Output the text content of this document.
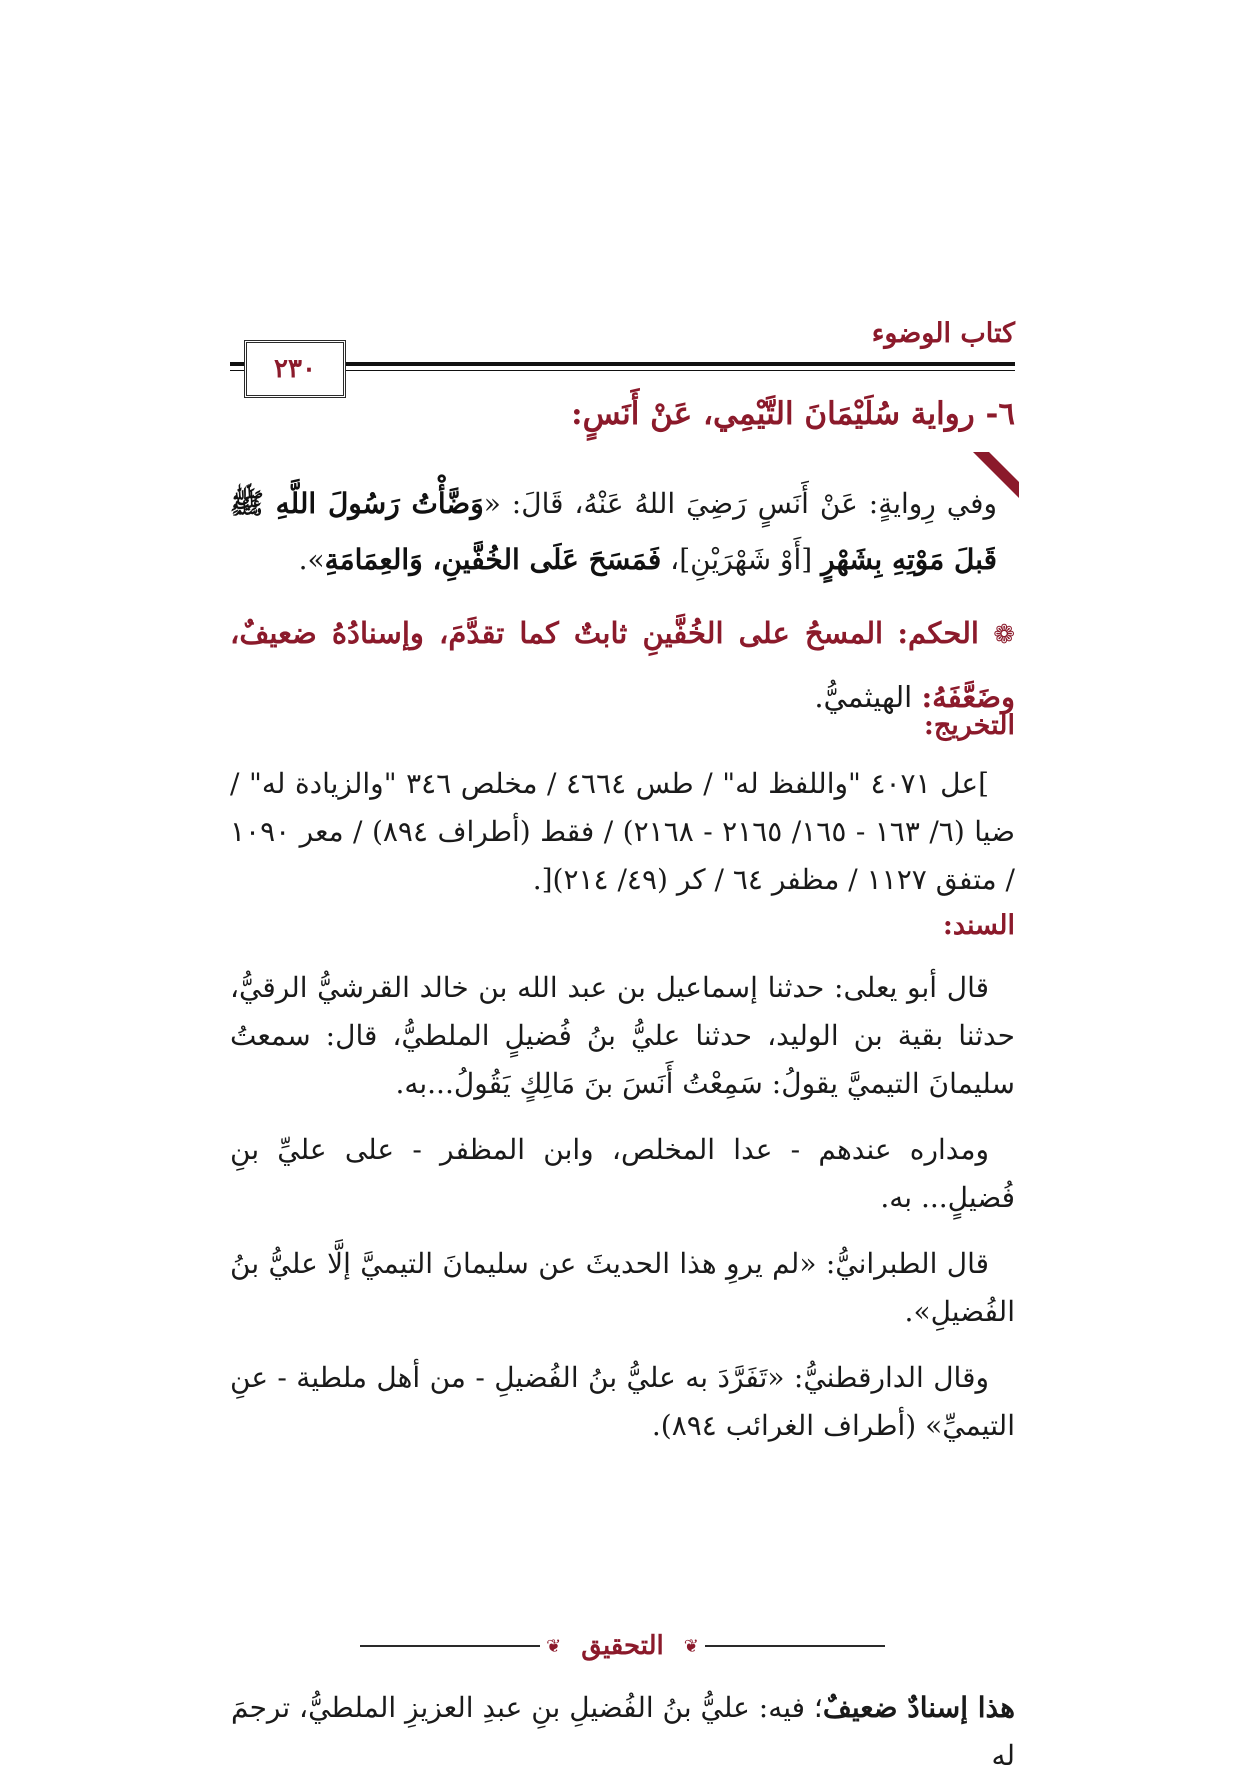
كتاب الوضوء
٢٣٠
٦- رواية سُلَيْمَانَ التَّيْمِي، عَنْ أَنَسٍ:
وفي رِوايةٍ: عَنْ أَنَسٍ رَضِيَ اللهُ عَنْهُ، قَالَ: «وَضَّأْتُ رَسُولَ اللَّهِ ﷺ قَبلَ مَوْتِهِ بِشَهْرٍ [أَوْ شَهْرَيْنِ]، فَمَسَحَ عَلَى الخُفَّينِ، وَالعِمَامَةِ».
❁ الحكم: المسحُ على الخُفَّينِ ثابتٌ كما تقدَّمَ، وإسنادُهُ ضعيفٌ، وضَعَّفَهُ: الهيثميُّ.
التخريج:

]عل ٤٠٧١ "واللفظ له" / طس ٤٦٦٤ / مخلص ٣٤٦ "والزيادة له" / ضيا (٦/ ١٦٣ - ١٦٥/ ٢١٦٥ - ٢١٦٨) / فقط (أطراف ٨٩٤) / معر ١٠٩٠ / متفق ١١٢٧ / مظفر ٦٤ / كر (٤٩/ ٢١٤)[.

السند:

قال أبو يعلى: حدثنا إسماعيل بن عبد الله بن خالد القرشيُّ الرقيُّ، حدثنا بقية بن الوليد، حدثنا عليُّ بنُ فُضيلٍ الملطيُّ، قال: سمعتُ سليمانَ التيميَّ يقولُ: سَمِعْتُ أَنَسَ بنَ مَالِكٍ يَقُولُ...به.

ومداره عندهم - عدا المخلص، وابن المظفر - على عليِّ بنِ فُضيلٍ... به.

قال الطبرانيُّ: «لم يروِ هذا الحديثَ عن سليمانَ التيميَّ إلَّا عليُّ بنُ الفُضيلِ».

وقال الدارقطنيُّ: «تَفَرَّدَ به عليُّ بنُ الفُضيلِ - من أهل ملطية - عنِ التيميِّ» (أطراف الغرائب ٨٩٤).

❦
التحقيق
❦
هذا إسنادٌ ضعيفٌ؛ فيه: عليُّ بنُ الفُضيلِ بنِ عبدِ العزيزِ الملطيُّ، ترجمَ له
